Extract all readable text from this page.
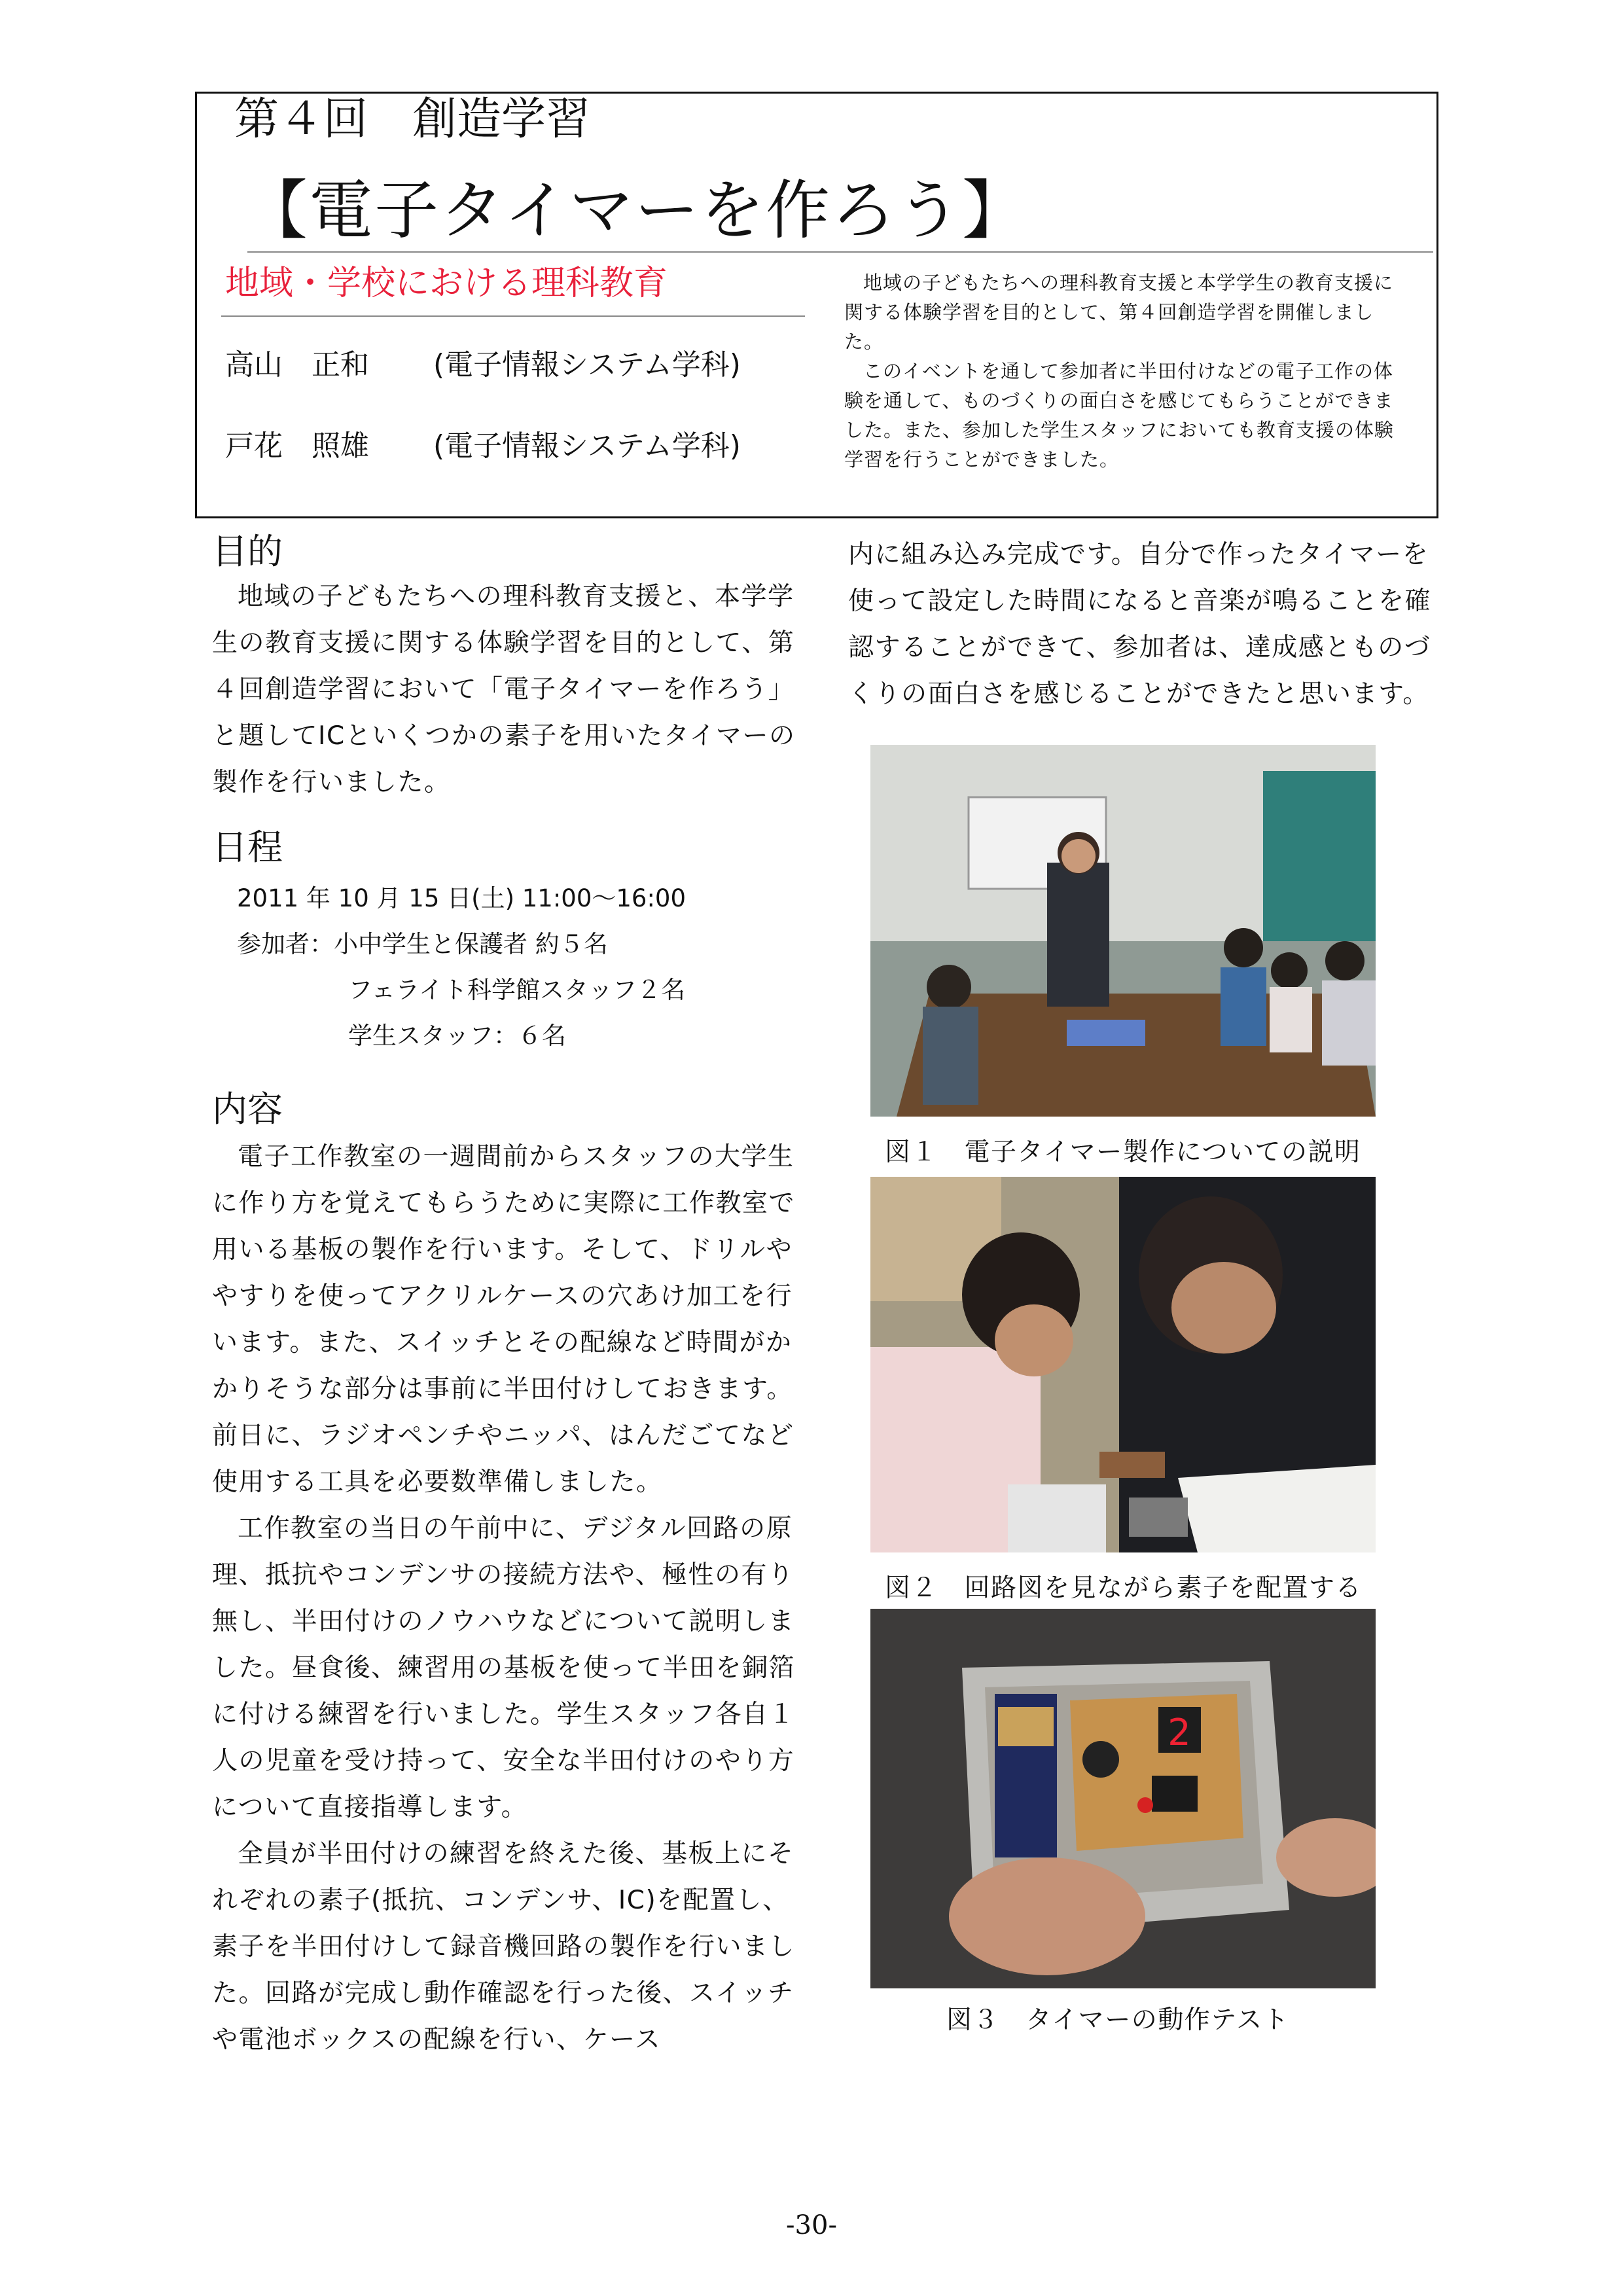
第４回　創造学習
【電子タイマーを作ろう】
地域・学校における理科教育
高山　正和 (電子情報システム学科)
戸花　照雄 (電子情報システム学科)

地域の子どもたちへの理科教育支援と本学学生の教育支援に関する体験学習を目的として、第４回創造学習を開催しました。

このイベントを通して参加者に半田付けなどの電子工作の体験を通して、ものづくりの面白さを感じてもらうことができました。また、参加した学生スタッフにおいても教育支援の体験学習を行うことができました。

目的

地域の子どもたちへの理科教育支援と、本学学生の教育支援に関する体験学習を目的として、第４回創造学習において「電子タイマーを作ろう」と題してICといくつかの素子を用いたタイマーの製作を行いました。

日程
2011 年 10 月 15 日(土) 11:00～16:00
参加者：小中学生と保護者 約５名
フェライト科学館スタッフ２名
学生スタッフ：６名
内容

電子工作教室の一週間前からスタッフの大学生に作り方を覚えてもらうために実際に工作教室で用いる基板の製作を行います。そして、ドリルややすりを使ってアクリルケースの穴あけ加工を行います。また、スイッチとその配線など時間がかかりそうな部分は事前に半田付けしておきます。前日に、ラジオペンチやニッパ、はんだごてなど使用する工具を必要数準備しました。

工作教室の当日の午前中に、デジタル回路の原理、抵抗やコンデンサの接続方法や、極性の有り無し、半田付けのノウハウなどについて説明しました。昼食後、練習用の基板を使って半田を銅箔に付ける練習を行いました。学生スタッフ各自１人の児童を受け持って、安全な半田付けのやり方について直接指導します。

全員が半田付けの練習を終えた後、基板上にそれぞれの素子(抵抗、コンデンサ、IC)を配置し、素子を半田付けして録音機回路の製作を行いました。回路が完成し動作確認を行った後、スイッチや電池ボックスの配線を行い、ケース

内に組み込み完成です。自分で作ったタイマーを使って設定した時間になると音楽が鳴ることを確認することができて、参加者は、達成感とものづくりの面白さを感じることができたと思います。

図１　電子タイマー製作についての説明
図２　回路図を見ながら素子を配置する
2
図３　タイマーの動作テスト
-30-
